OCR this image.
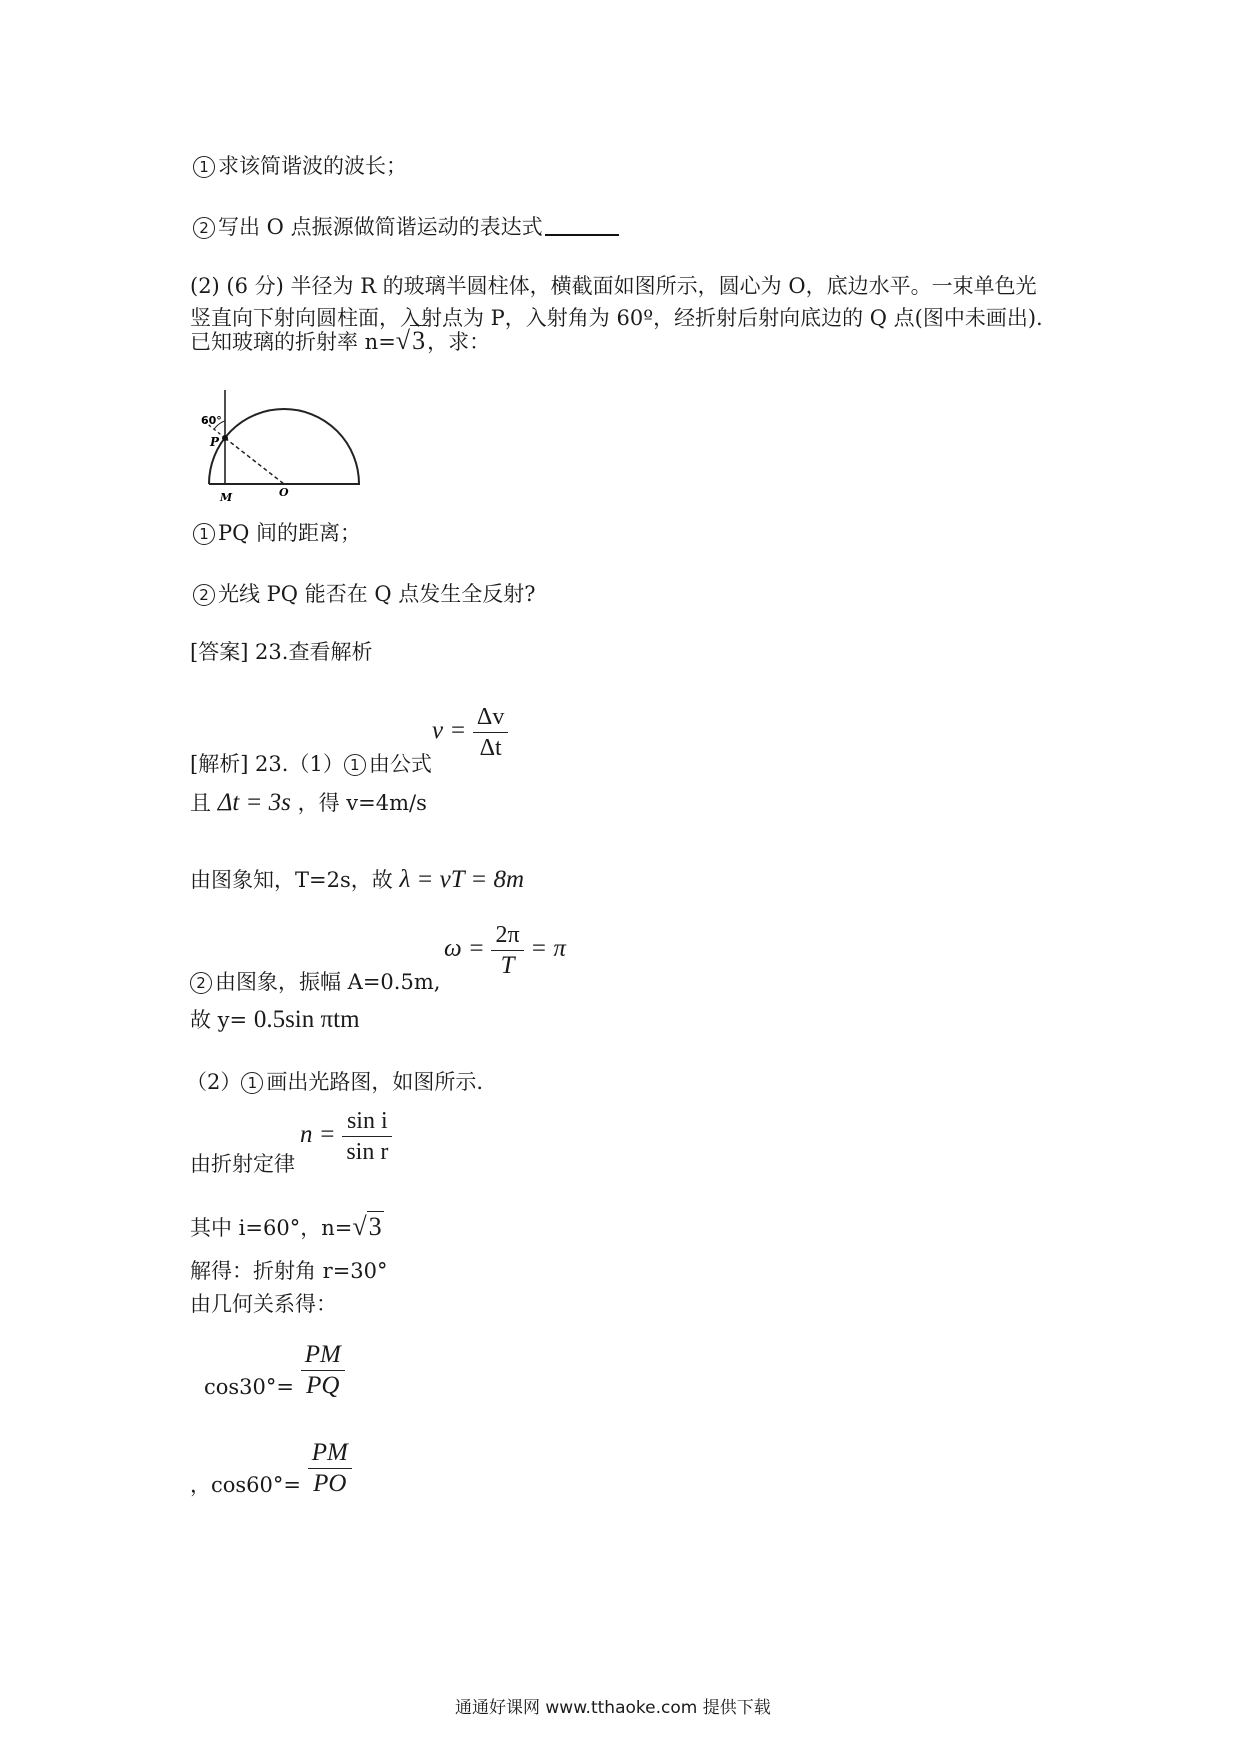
1 求该简谐波的波长；
2 写出 O 点振源做简谐运动的表达式
(2) (6 分) 半径为 R 的玻璃半圆柱体，横截面如图所示，圆心为 O，底边水平。一束单色光
竖直向下射向圆柱面，入射点为 P，入射角为 60º，经折射后射向底边的 Q 点(图中未画出).
已知玻璃的折射率 n=√3，求：
60°
P
M	O
1 PQ 间的距离；
2 光线 PQ 能否在 Q 点发生全反射?
[答案] 23.查看解析
[解析] 23.（1） 1 由公式
$v = \frac{\Delta v}{\Delta t}$
且 Δt = 3s ，得 v=4m/s
由图象知，T=2s，故 λ = vT = 8m
2 由图象，振幅 A=0.5m,
$\omega = \frac{2\pi}{T} = \pi$
故 y= 0.5sin πtm
（2） 1 画出光路图，如图所示.
由折射定律
$n = \frac{\text{sin i}}{\text{sin r}}$
其中 i=60°，n=√3
解得：折射角 r=30°
由几何关系得：
$\cos 30^\circ= \frac{PM}{PQ}$
，$\cos 60^\circ= \frac{PM}{PO}$
通通好课网 www.tthaoke.com 提供下载
